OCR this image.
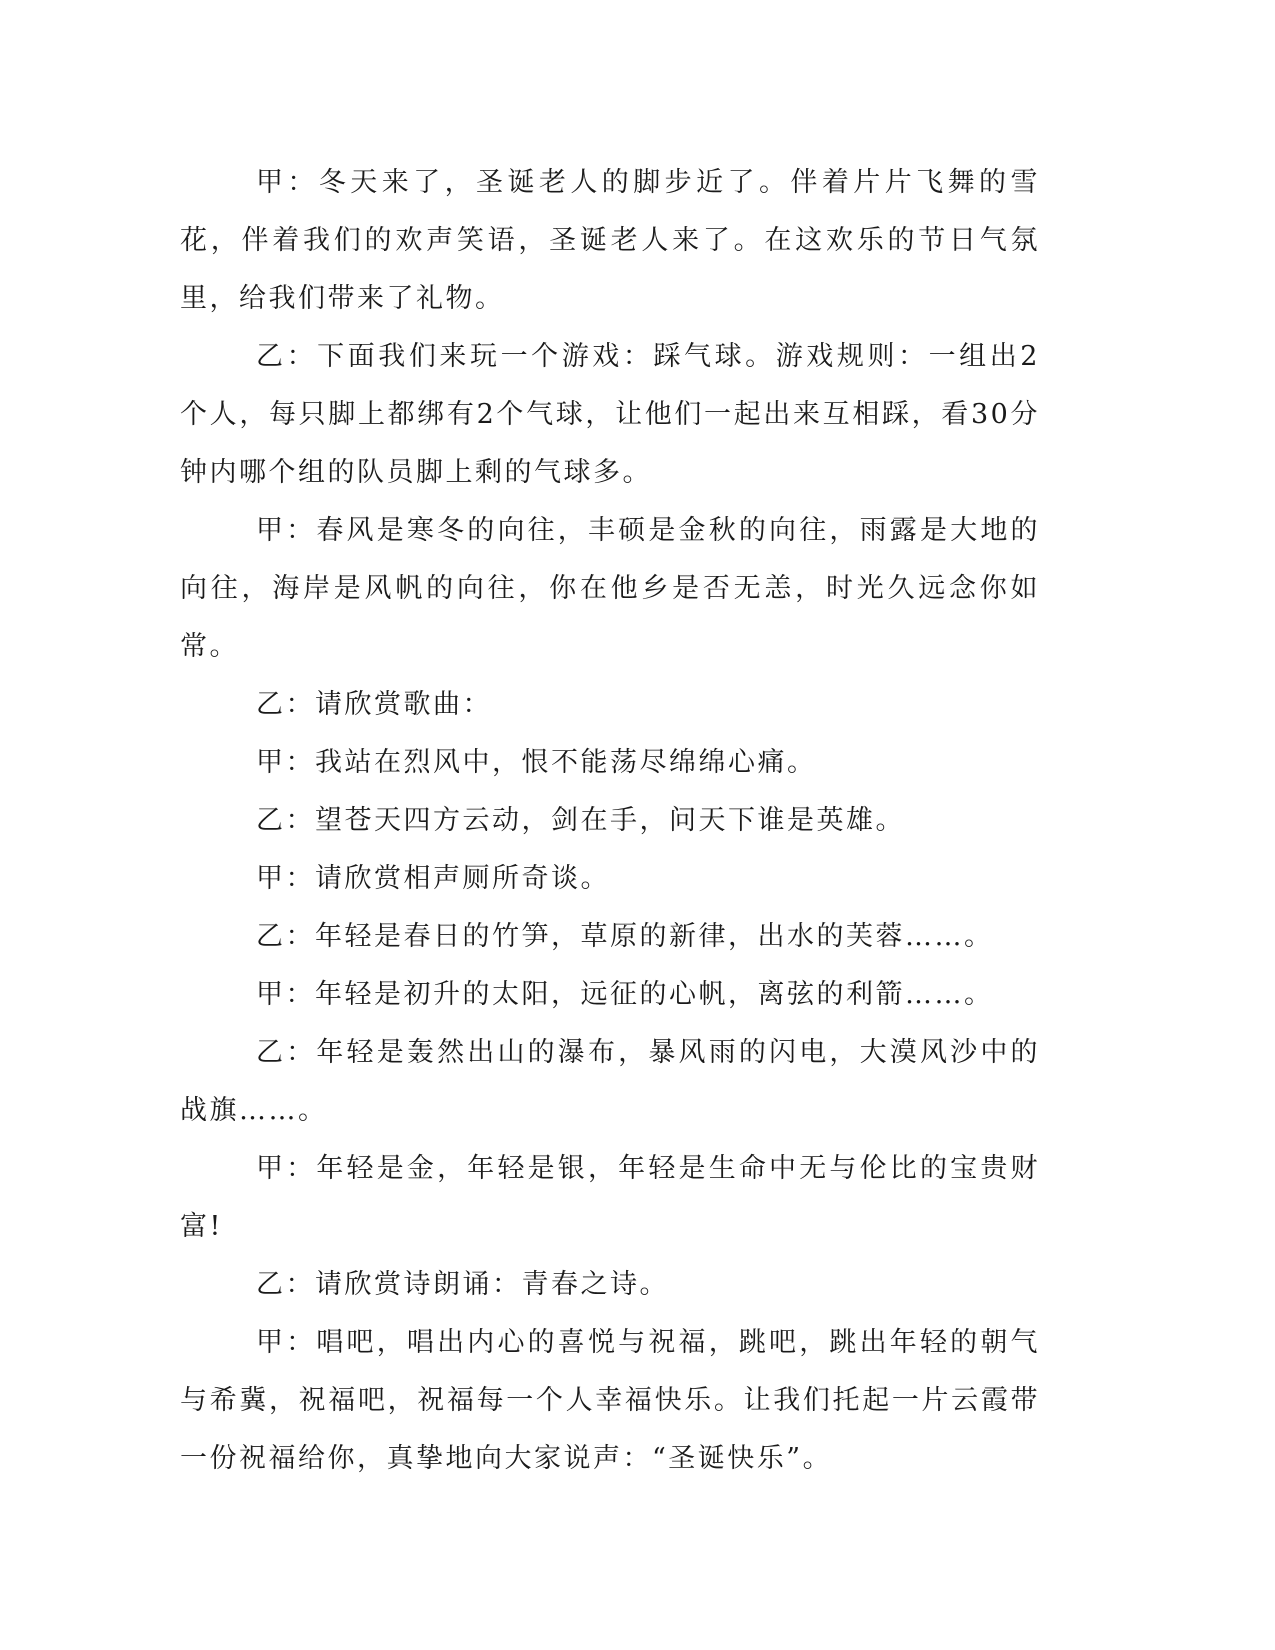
甲：冬天来了，圣诞老人的脚步近了。伴着片片飞舞的雪花，伴着我们的欢声笑语，圣诞老人来了。在这欢乐的节日气氛里，给我们带来了礼物。

乙：下面我们来玩一个游戏：踩气球。游戏规则：一组出2个人，每只脚上都绑有2个气球，让他们一起出来互相踩，看30分钟内哪个组的队员脚上剩的气球多。

甲：春风是寒冬的向往，丰硕是金秋的向往，雨露是大地的向往，海岸是风帆的向往，你在他乡是否无恙，时光久远念你如常。

乙：请欣赏歌曲：

甲：我站在烈风中，恨不能荡尽绵绵心痛。

乙：望苍天四方云动，剑在手，问天下谁是英雄。

甲：请欣赏相声厕所奇谈。

乙：年轻是春日的竹笋，草原的新律，出水的芙蓉……。

甲：年轻是初升的太阳，远征的心帆，离弦的利箭……。

乙：年轻是轰然出山的瀑布，暴风雨的闪电，大漠风沙中的战旗……。

甲：年轻是金，年轻是银，年轻是生命中无与伦比的宝贵财富!

乙：请欣赏诗朗诵：青春之诗。

甲：唱吧，唱出内心的喜悦与祝福，跳吧，跳出年轻的朝气与希冀，祝福吧，祝福每一个人幸福快乐。让我们托起一片云霞带一份祝福给你，真挚地向大家说声：“圣诞快乐”。
